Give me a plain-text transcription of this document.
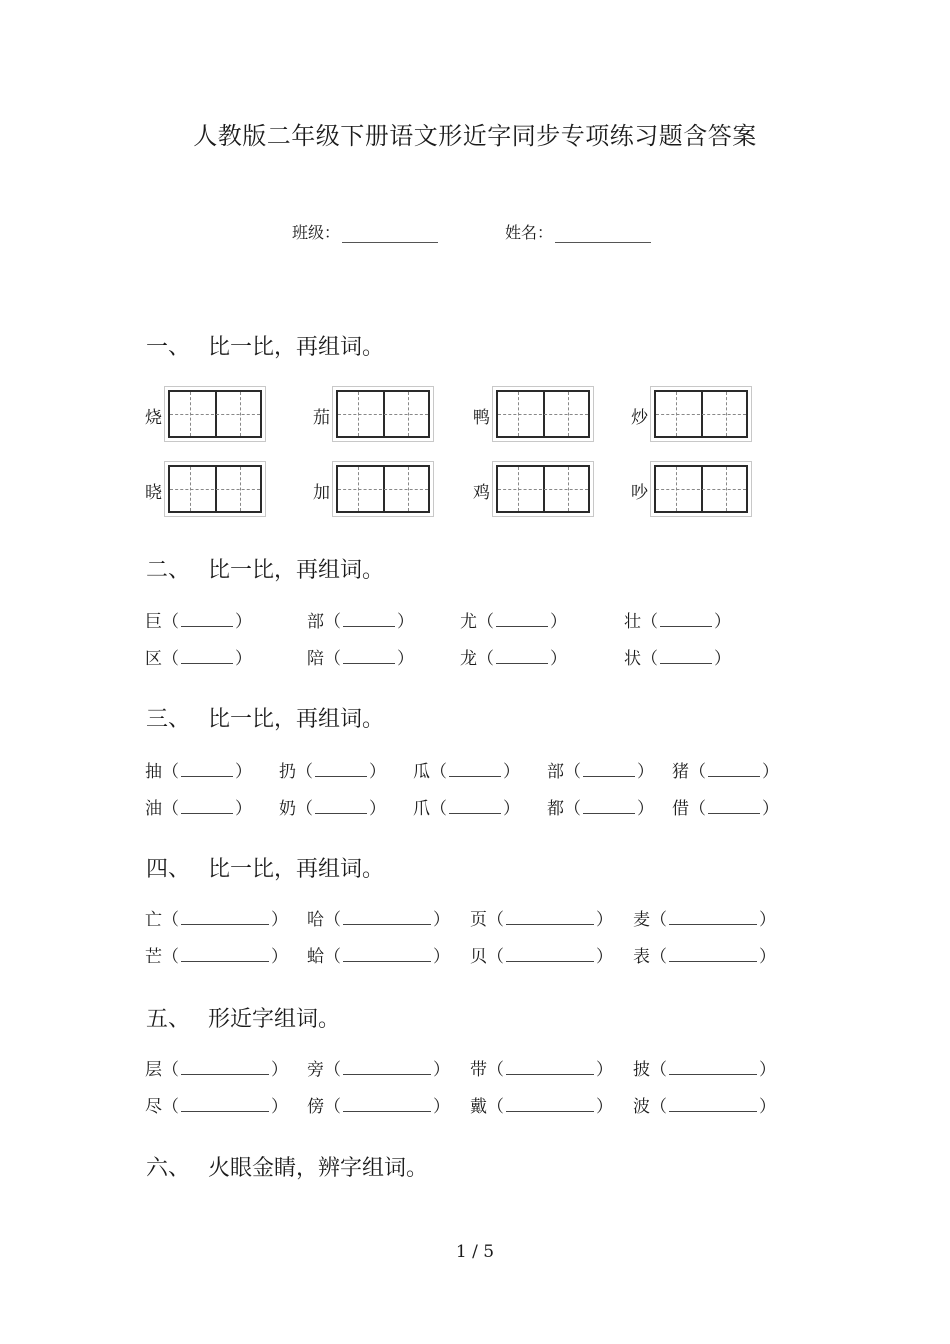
人教版二年级下册语文形近字同步专项练习题含答案
班级：	姓名：
一、 比一比，再组词。
二、 比一比，再组词。
三、 比一比，再组词。
四、 比一比，再组词。
五、 形近字组词。
六、 火眼金睛，辨字组词。
1 / 5
烧	茄	鸭	炒
晓	加	鸡	吵
巨（	）	部（	）	尤（	）	壮（	）
区（	）	陪（	）	龙（	）	状（	）
抽（	） 扔（	） 瓜（	） 部（	） 猪（	）
油（	） 奶（	） 爪（	） 都（	） 借（	）
亡（	） 哈（	） 页（	） 麦（	）
芒（	） 蛤（	） 贝（	） 表（	）
层（	） 旁（	） 带（	） 披（	）
尽（	） 傍（	） 戴（	） 波（	）
